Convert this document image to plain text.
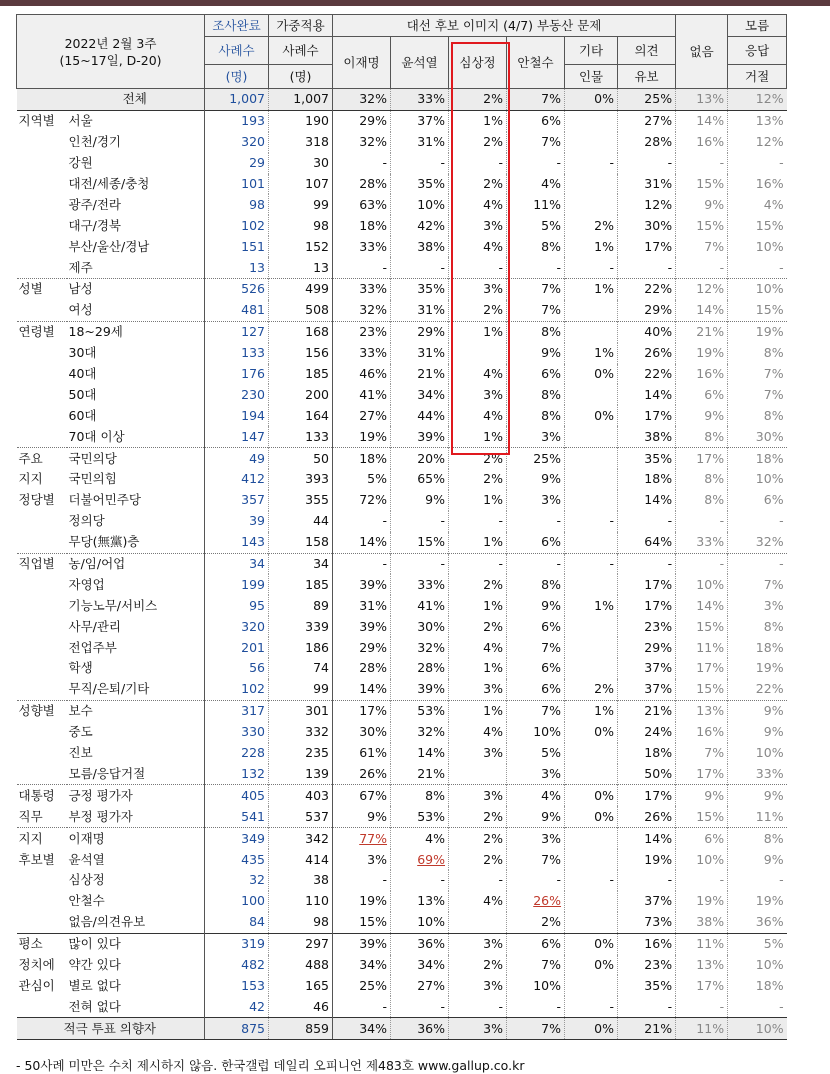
2022년 2월 3주
(15~17일, D-20)		조사완료	가중적용	대선 후보 이미지 (4/7) 부동산 문제						없음	모름
		사례수	사례수	이재명	윤석열	심상정	안철수	기타	의견		응답
		(명)	(명)					인물	유보		거절
	전체	1,007	1,007	32%	33%	2%	7%	0%	25%	13%	12%
지역별	서울	193	190	29%	37%	1%	6%		27%	14%	13%
	인천/경기	320	318	32%	31%	2%	7%		28%	16%	12%
	강원	29	30	-	-	-	-	-	-	-	-
	대전/세종/충청	101	107	28%	35%	2%	4%		31%	15%	16%
	광주/전라	98	99	63%	10%	4%	11%		12%	9%	4%
	대구/경북	102	98	18%	42%	3%	5%	2%	30%	15%	15%
	부산/울산/경남	151	152	33%	38%	4%	8%	1%	17%	7%	10%
	제주	13	13	-	-	-	-	-	-	-	-
성별	남성	526	499	33%	35%	3%	7%	1%	22%	12%	10%
	여성	481	508	32%	31%	2%	7%		29%	14%	15%
연령별	18~29세	127	168	23%	29%	1%	8%		40%	21%	19%
	30대	133	156	33%	31%		9%	1%	26%	19%	8%
	40대	176	185	46%	21%	4%	6%	0%	22%	16%	7%
	50대	230	200	41%	34%	3%	8%		14%	6%	7%
	60대	194	164	27%	44%	4%	8%	0%	17%	9%	8%
	70대 이상	147	133	19%	39%	1%	3%		38%	8%	30%
주요	국민의당	49	50	18%	20%	2%	25%		35%	17%	18%
지지	국민의힘	412	393	5%	65%	2%	9%		18%	8%	10%
정당별	더불어민주당	357	355	72%	9%	1%	3%		14%	8%	6%
	정의당	39	44	-	-	-	-	-	-	-	-
	무당(無黨)층	143	158	14%	15%	1%	6%		64%	33%	32%
직업별	농/임/어업	34	34	-	-	-	-	-	-	-	-
	자영업	199	185	39%	33%	2%	8%		17%	10%	7%
	기능노무/서비스	95	89	31%	41%	1%	9%	1%	17%	14%	3%
	사무/관리	320	339	39%	30%	2%	6%		23%	15%	8%
	전업주부	201	186	29%	32%	4%	7%		29%	11%	18%
	학생	56	74	28%	28%	1%	6%		37%	17%	19%
	무직/은퇴/기타	102	99	14%	39%	3%	6%	2%	37%	15%	22%
성향별	보수	317	301	17%	53%	1%	7%	1%	21%	13%	9%
	중도	330	332	30%	32%	4%	10%	0%	24%	16%	9%
	진보	228	235	61%	14%	3%	5%		18%	7%	10%
	모름/응답거절	132	139	26%	21%		3%		50%	17%	33%
대통령	긍정 평가자	405	403	67%	8%	3%	4%	0%	17%	9%	9%
직무	부정 평가자	541	537	9%	53%	2%	9%	0%	26%	15%	11%
지지	이재명	349	342	77%	4%	2%	3%		14%	6%	8%
후보별	윤석열	435	414	3%	69%	2%	7%		19%	10%	9%
	심상정	32	38	-	-	-	-	-	-	-	-
	안철수	100	110	19%	13%	4%	26%		37%	19%	19%
	없음/의견유보	84	98	15%	10%		2%		73%	38%	36%
평소	많이 있다	319	297	39%	36%	3%	6%	0%	16%	11%	5%
정치에	약간 있다	482	488	34%	34%	2%	7%	0%	23%	13%	10%
관심이	별로 없다	153	165	25%	27%	3%	10%		35%	17%	18%
	전혀 없다	42	46	-	-	-	-	-	-	-	-
적극 투표 의향자		875	859	34%	36%	3%	7%	0%	21%	11%	10%
- 50사례 미만은 수치 제시하지 않음. 한국갤럽 데일리 오피니언 제483호 www.gallup.co.kr
